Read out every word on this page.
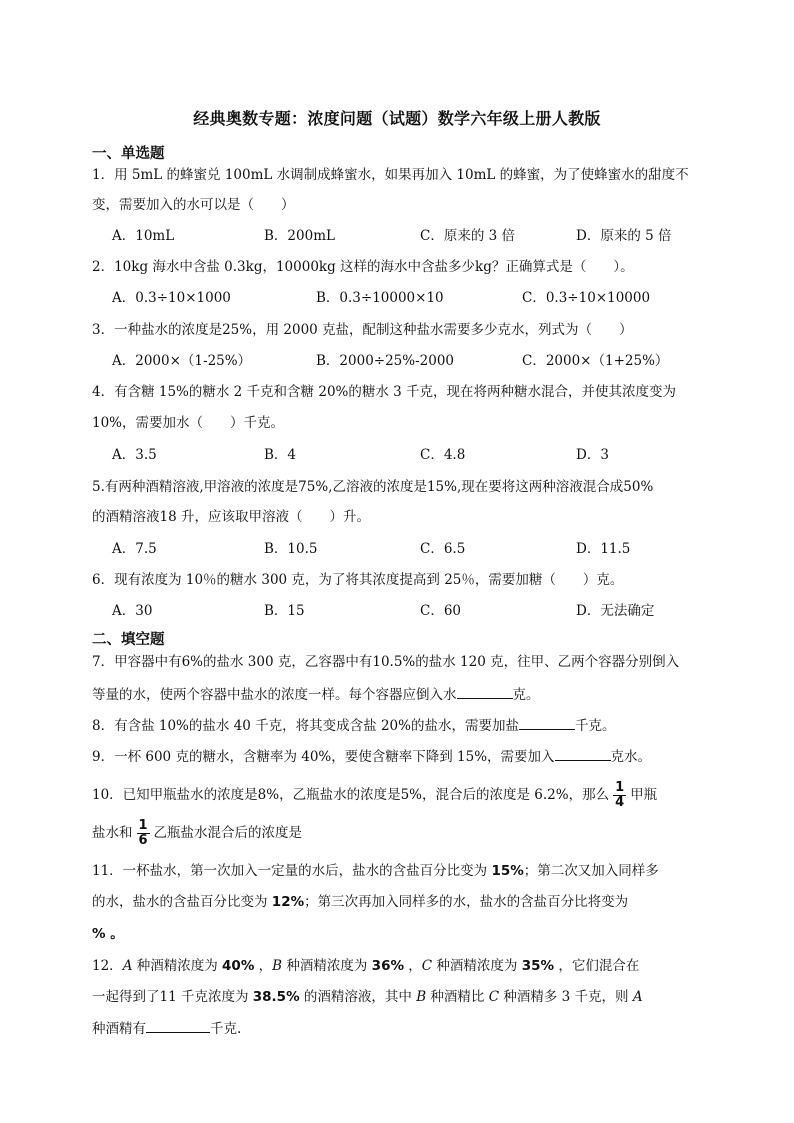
经典奥数专题：浓度问题（试题）数学六年级上册人教版
一、单选题
1．用 5mL 的蜂蜜兑 100mL 水调制成蜂蜜水，如果再加入 10mL 的蜂蜜，为了使蜂蜜水的甜度不
变，需要加入的水可以是（　　）
A．10mL	B．200mL	C．原来的 3 倍	D．原来的 5 倍
2．10kg 海水中含盐 0.3kg，10000kg 这样的海水中含盐多少kg？正确算式是（　　）。
A．0.3÷10×1000	B．0.3÷10000×10	C．0.3÷10×10000
3．一种盐水的浓度是25%，用 2000 克盐，配制这种盐水需要多少克水，列式为（　　）
A．2000×（1-25%）	B．2000÷25%-2000	C．2000×（1+25%）
4．有含糖 15%的糖水 2 千克和含糖 20%的糖水 3 千克，现在将两种糖水混合，并使其浓度变为
10%，需要加水（　　）千克。
A．3.5	B．4	C．4.8	D．3
5.有两种酒精溶液,甲溶液的浓度是75%,乙溶液的浓度是15%,现在要将这两种溶液混合成50%
的酒精溶液18 升，应该取甲溶液（　　）升。
A．7.5	B．10.5	C．6.5	D．11.5
6．现有浓度为 10％的糖水 300 克，为了将其浓度提高到 25％，需要加糖（　　）克。
A．30	B．15	C．60	D．无法确定
二、填空题
7．甲容器中有6%的盐水 300 克，乙容器中有10.5%的盐水 120 克，往甲、乙两个容器分别倒入
等量的水，使两个容器中盐水的浓度一样。每个容器应倒入水	克。
8．有含盐 10%的盐水 40 千克，将其变成含盐 20%的盐水，需要加盐	千克。
9．一杯 600 克的糖水，含糖率为 40%，要使含糖率下降到 15%，需要加入	克水。
10．已知甲瓶盐水的浓度是8%，乙瓶盐水的浓度是5%，混合后的浓度是 6.2%，那么 $\frac{1}{4}$ 甲瓶
盐水和 $\frac{1}{6}$ 乙瓶盐水混合后的浓度是
11．一杯盐水，第一次加入一定量的水后，盐水的含盐百分比变为 15%；第二次又加入同样多
的水，盐水的含盐百分比变为 12%；第三次再加入同样多的水，盐水的含盐百分比将变为
% 。
12．A 种酒精浓度为 40% ，B 种酒精浓度为 36% ，C 种酒精浓度为 35% ，它们混合在
一起得到了11 千克浓度为 38.5% 的酒精溶液，其中 B 种酒精比 C 种酒精多 3 千克，则 A
种酒精有	千克.
